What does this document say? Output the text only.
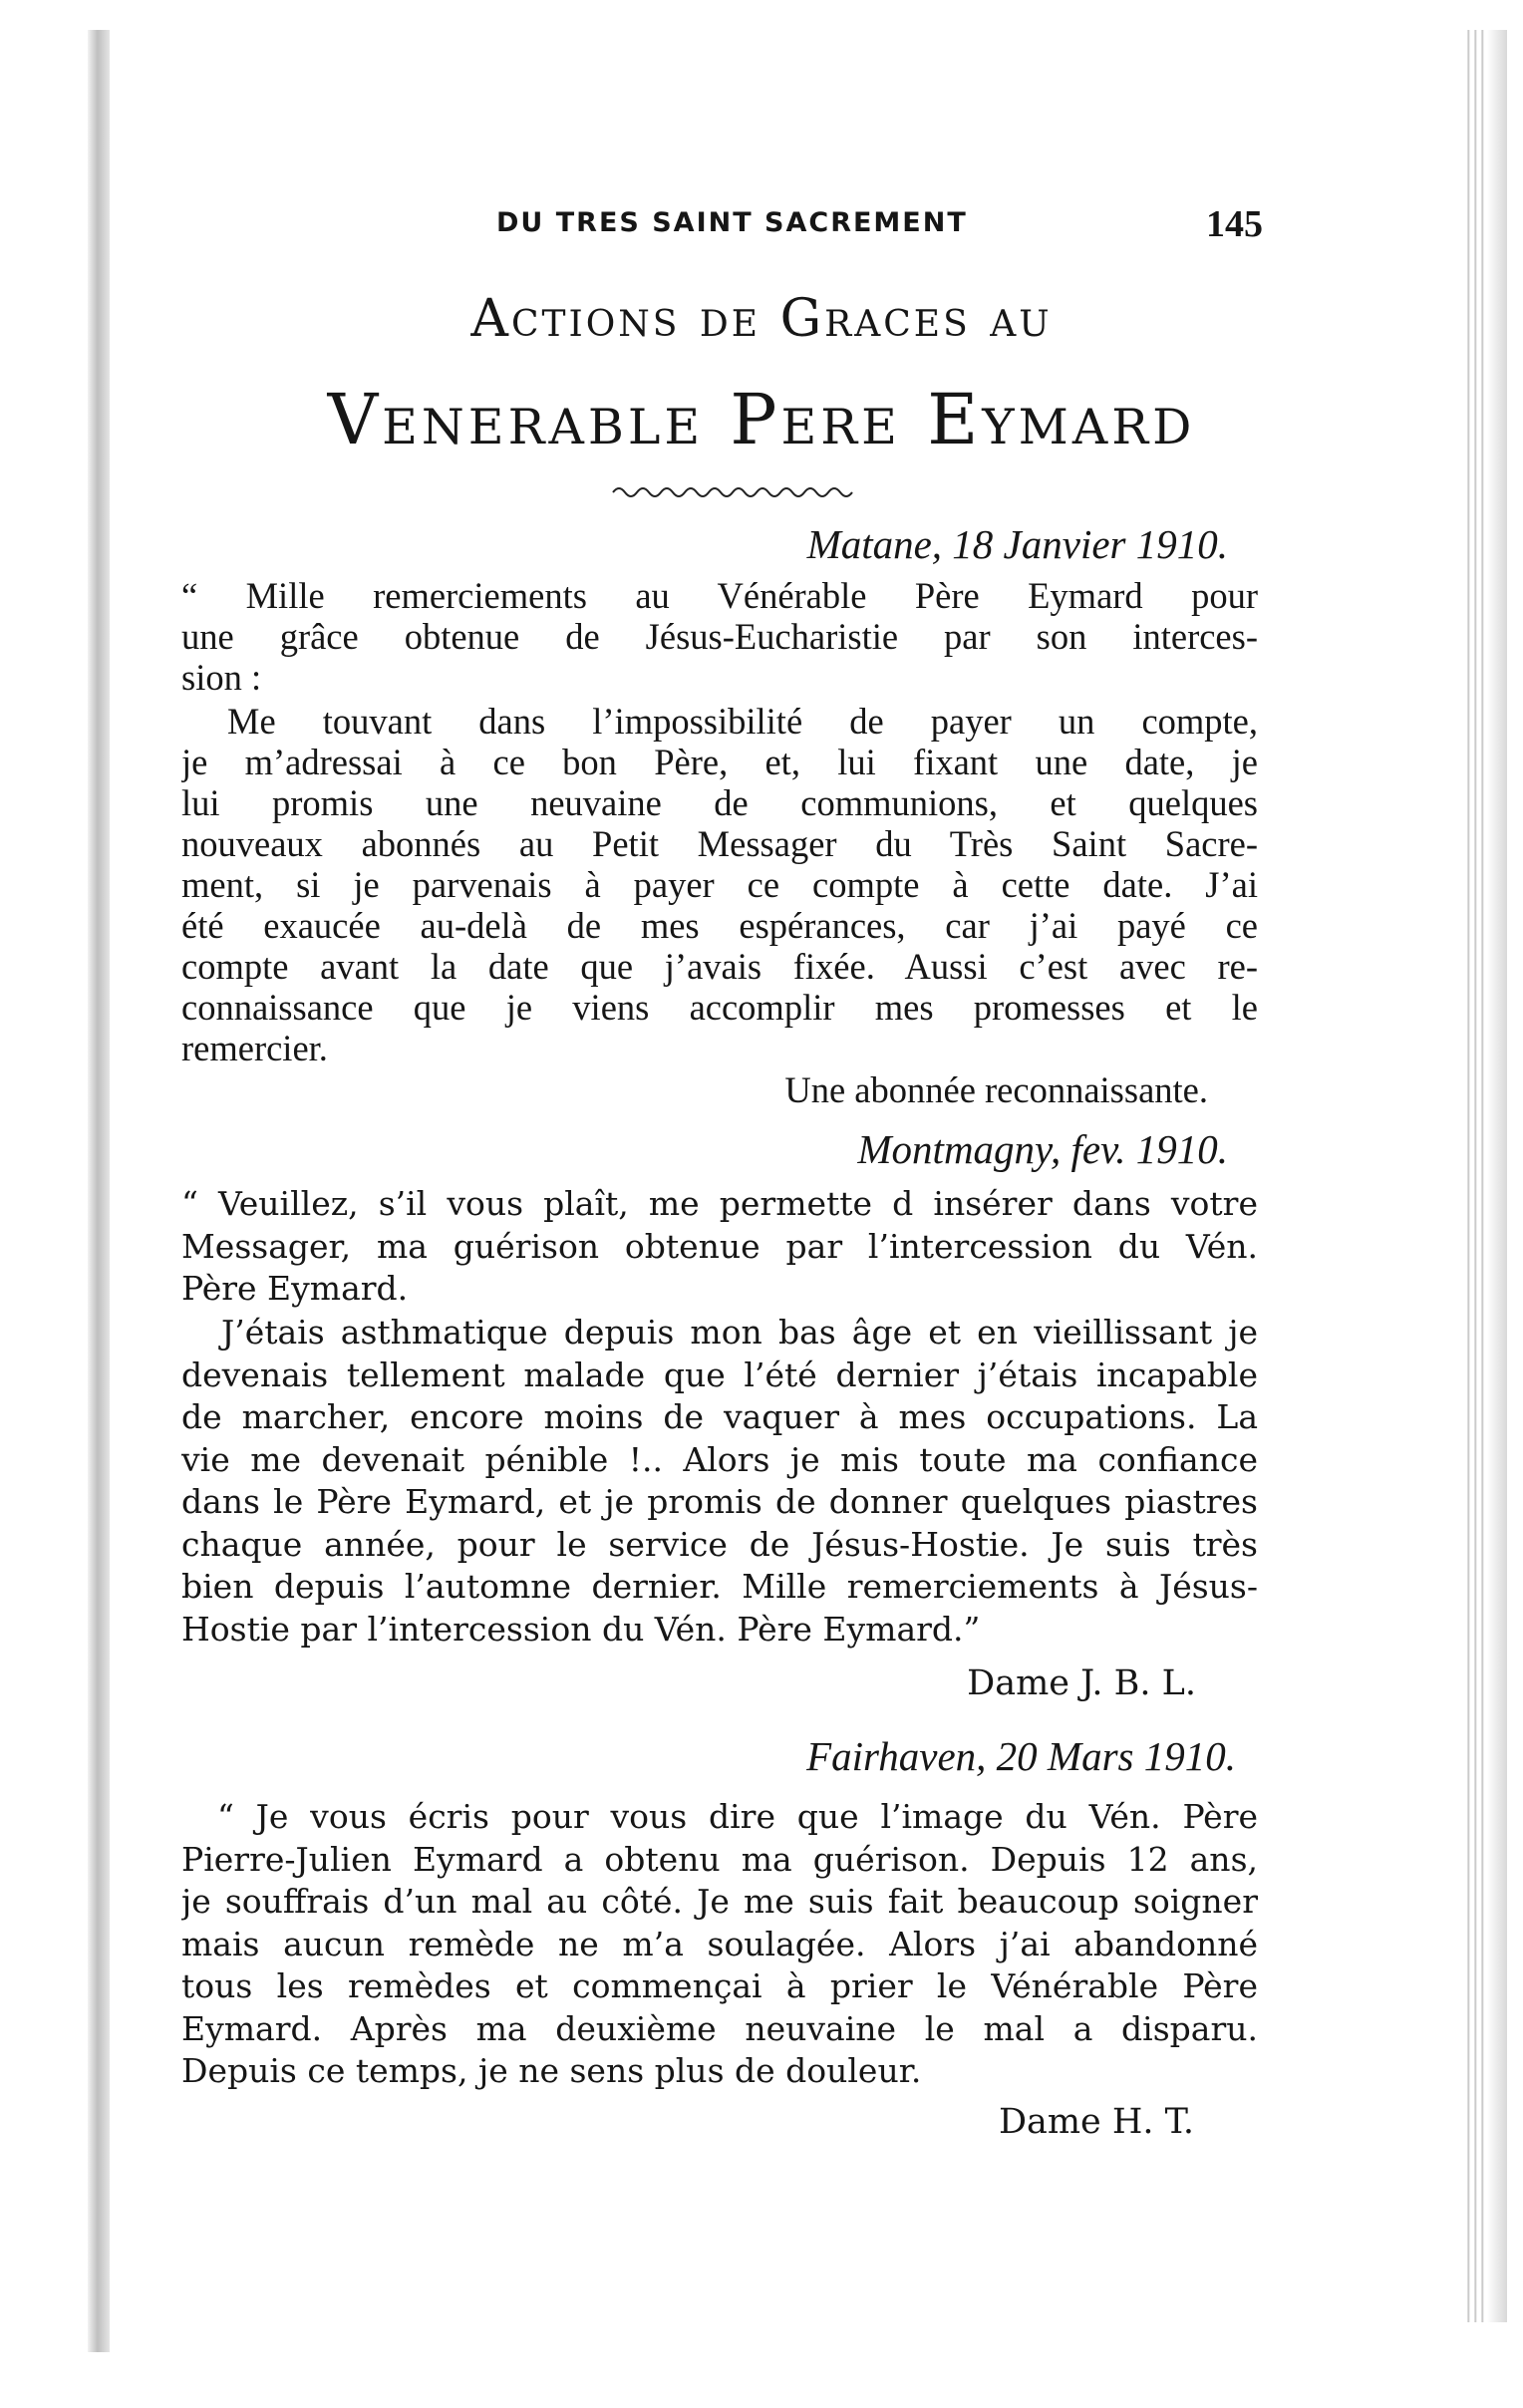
DU TRES SAINT SACREMENT	145
Actions de Graces au
Venerable Pere Eymard
Matane, 18 Janvier 1910.
“ Mille remerciements au Vénérable Père Eymard pour
une grâce obtenue de Jésus-Eucharistie par son interces-
sion :
Me touvant dans l’impossibilité de payer un compte,
je m’adressai à ce bon Père, et, lui fixant une date, je
lui promis une neuvaine de communions, et quelques
nouveaux abonnés au Petit Messager du Très Saint Sacre-
ment, si je parvenais à payer ce compte à cette date. J’ai
été exaucée au-delà de mes espérances, car j’ai payé ce
compte avant la date que j’avais fixée. Aussi c’est avec re-
connaissance que je viens accomplir mes promesses et le
remercier.
Une abonnée reconnaissante.
Montmagny, fev. 1910.
“ Veuillez, s’il vous plaît, me permette d insérer dans votre
Messager, ma guérison obtenue par l’intercession du Vén.
Père Eymard.
J’étais asthmatique depuis mon bas âge et en vieillissant je
devenais tellement malade que l’été dernier j’étais incapable
de marcher, encore moins de vaquer à mes occupations. La
vie me devenait pénible !.. Alors je mis toute ma confiance
dans le Père Eymard, et je promis de donner quelques piastres
chaque année, pour le service de Jésus-Hostie. Je suis très
bien depuis l’automne dernier. Mille remerciements à Jésus-
Hostie par l’intercession du Vén. Père Eymard.”
Dame J. B. L.
Fairhaven, 20 Mars 1910.
“ Je vous écris pour vous dire que l’image du Vén. Père
Pierre-Julien Eymard a obtenu ma guérison. Depuis 12 ans,
je souffrais d’un mal au côté. Je me suis fait beaucoup soigner
mais aucun remède ne m’a soulagée. Alors j’ai abandonné
tous les remèdes et commençai à prier le Vénérable Père
Eymard. Après ma deuxième neuvaine le mal a disparu.
Depuis ce temps, je ne sens plus de douleur.
Dame H. T.
